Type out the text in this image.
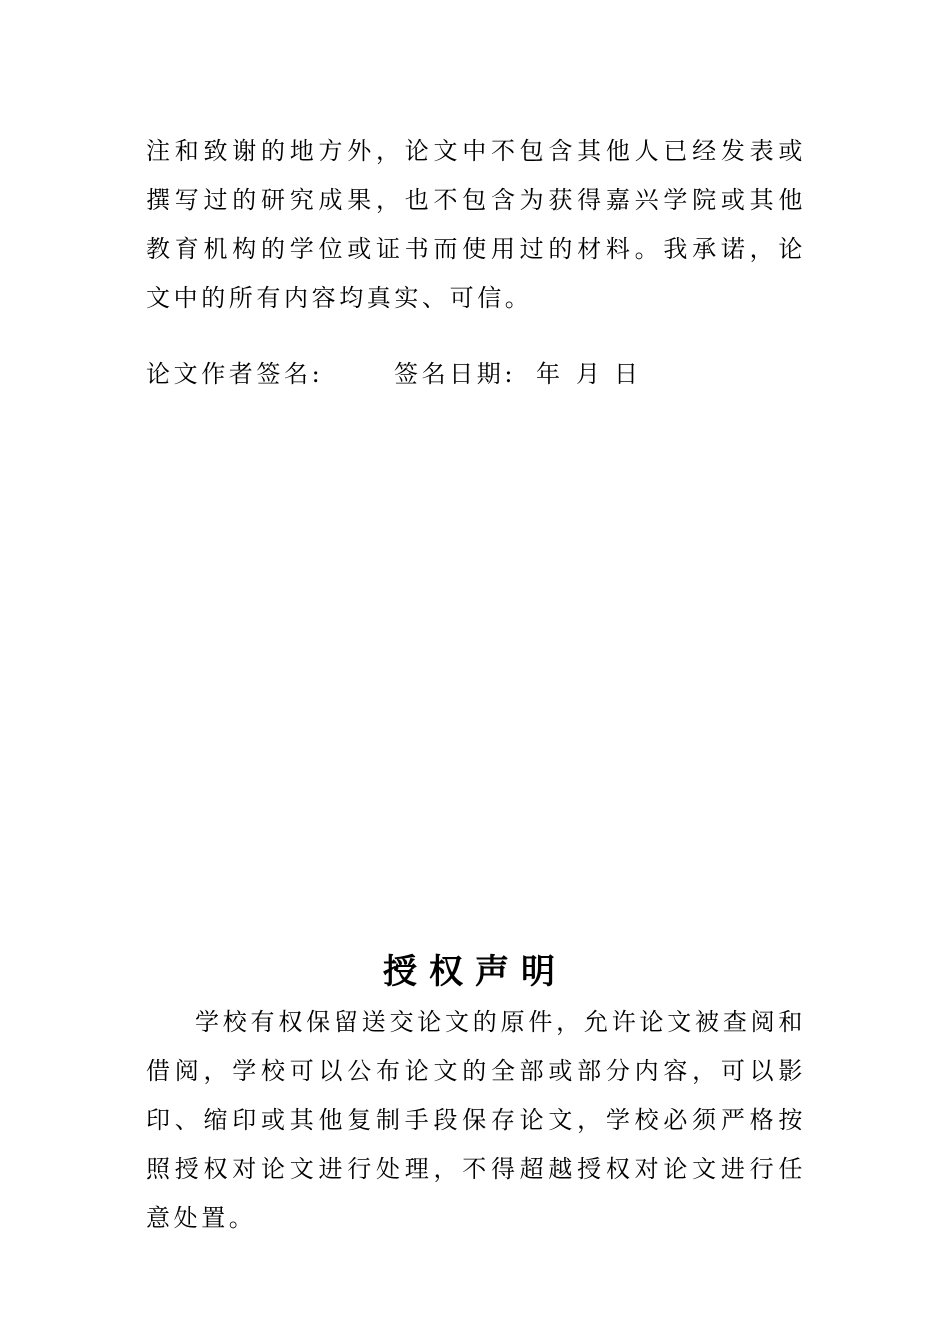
注和致谢的地方外，论文中不包含其他人已经发表或撰写过的研究成果，也不包含为获得嘉兴学院或其他教育机构的学位或证书而使用过的材料。我承诺，论文中的所有内容均真实、可信。

论文作者签名:	签名日期: 年 月 日
授权声明

学校有权保留送交论文的原件，允许论文被查阅和借阅，学校可以公布论文的全部或部分内容，可以影印、缩印或其他复制手段保存论文，学校必须严格按照授权对论文进行处理，不得超越授权对论文进行任意处置。
